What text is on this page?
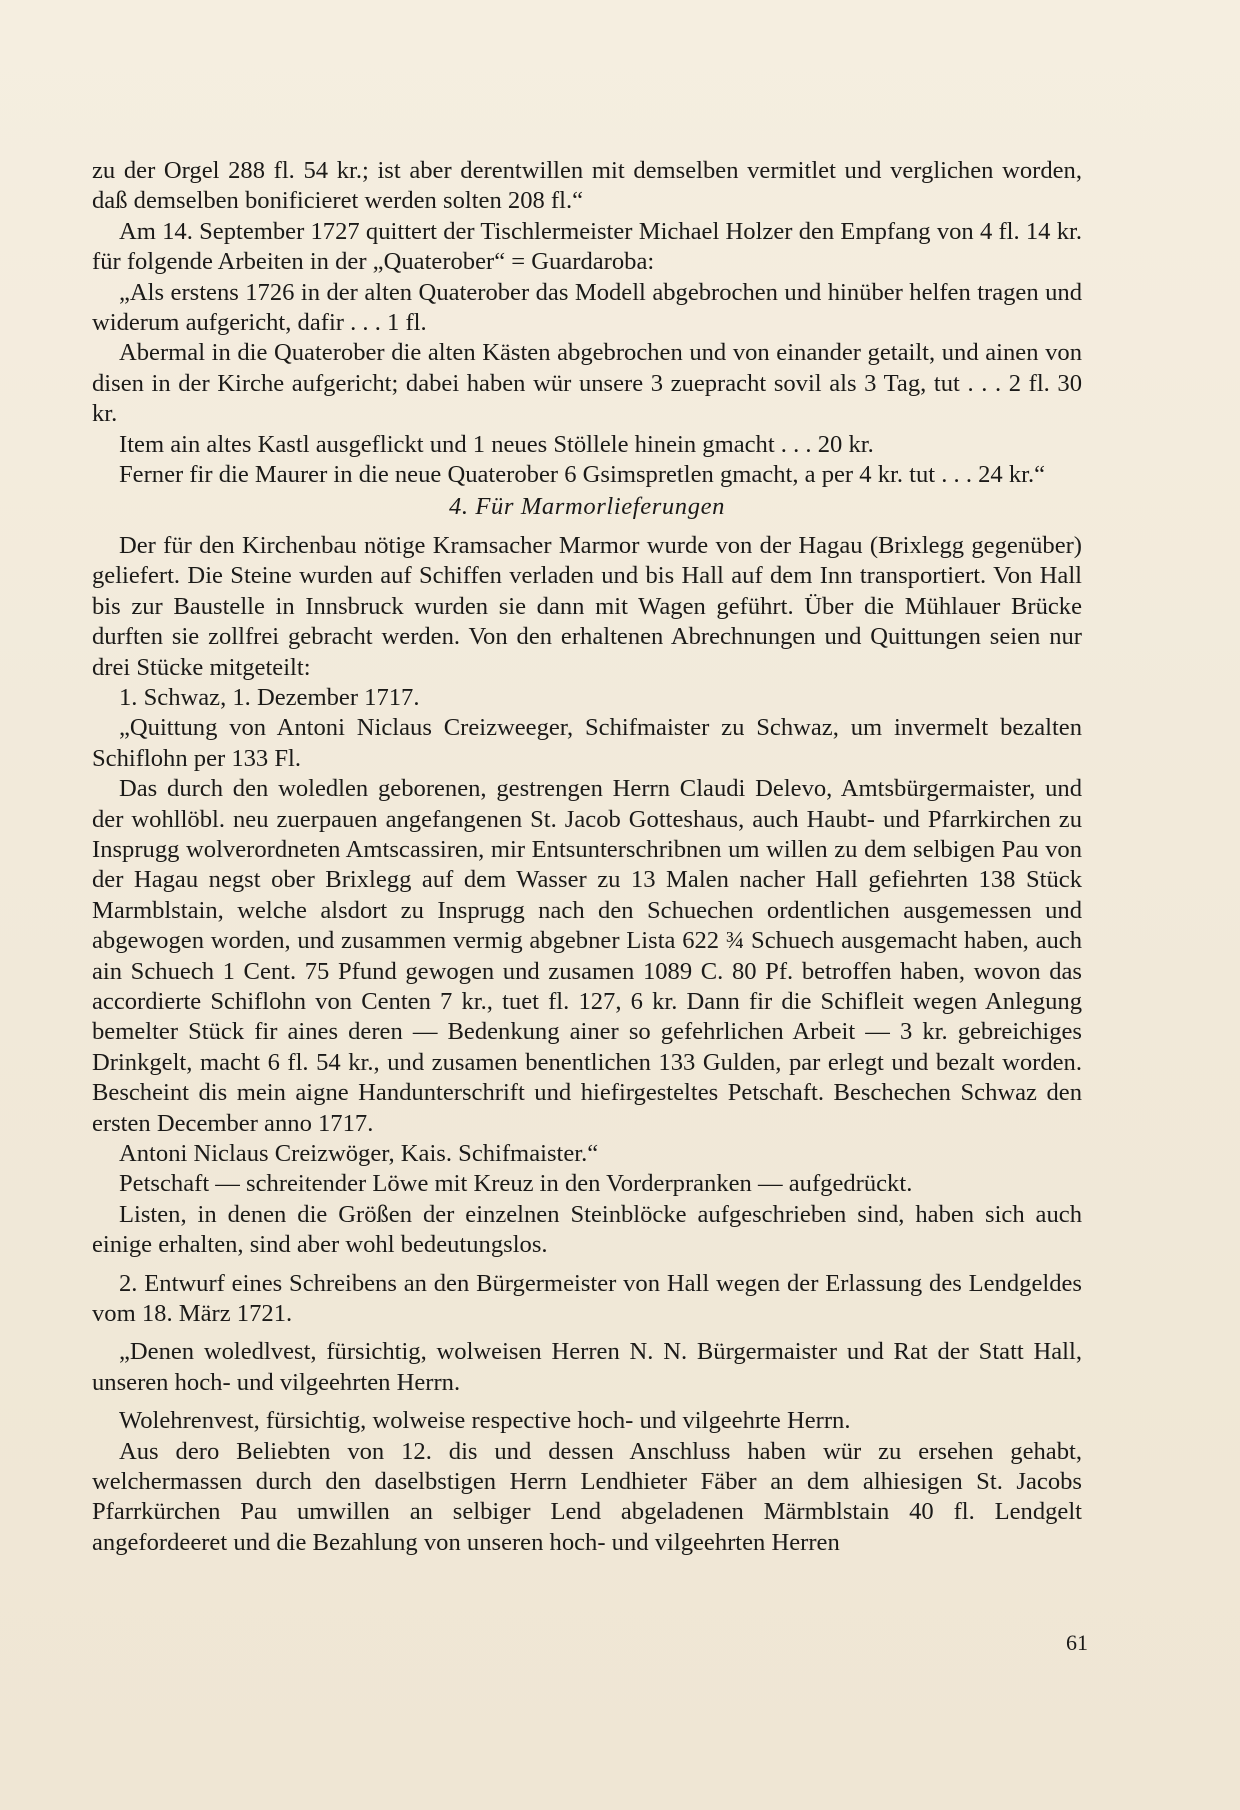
zu der Orgel 288 fl. 54 kr.; ist aber derentwillen mit demselben vermitlet und verglichen worden, daß demselben bonificieret werden solten 208 fl.“

Am 14. September 1727 quittert der Tischlermeister Michael Holzer den Empfang von 4 fl. 14 kr. für folgende Arbeiten in der „Quaterober“ = Guardaroba:

„Als erstens 1726 in der alten Quaterober das Modell abgebrochen und hinüber helfen tragen und widerum aufgericht, dafir . . . 1 fl.

Abermal in die Quaterober die alten Kästen abgebrochen und von einander getailt, und ainen von disen in der Kirche aufgericht; dabei haben wür unsere 3 zuepracht sovil als 3 Tag, tut . . . 2 fl. 30 kr.

Item ain altes Kastl ausgeflickt und 1 neues Stöllele hinein gmacht . . . 20 kr.

Ferner fir die Maurer in die neue Quaterober 6 Gsimspretlen gmacht, a per 4 kr. tut . . . 24 kr.“

4. Für Marmorlieferungen

Der für den Kirchenbau nötige Kramsacher Marmor wurde von der Hagau (Brixlegg gegenüber) geliefert. Die Steine wurden auf Schiffen verladen und bis Hall auf dem Inn transportiert. Von Hall bis zur Baustelle in Innsbruck wurden sie dann mit Wagen geführt. Über die Mühlauer Brücke durften sie zollfrei gebracht werden. Von den erhaltenen Abrechnungen und Quittungen seien nur drei Stücke mitgeteilt:

1. Schwaz, 1. Dezember 1717.

„Quittung von Antoni Niclaus Creizweeger, Schifmaister zu Schwaz, um invermelt bezalten Schiflohn per 133 Fl.

Das durch den woledlen geborenen, gestrengen Herrn Claudi Delevo, Amtsbürgermaister, und der wohllöbl. neu zuerpauen angefangenen St. Jacob Gotteshaus, auch Haubt- und Pfarrkirchen zu Insprugg wolverordneten Amtscassiren, mir Entsunterschribnen um willen zu dem selbigen Pau von der Hagau negst ober Brixlegg auf dem Wasser zu 13 Malen nacher Hall gefiehrten 138 Stück Marmblstain, welche alsdort zu Insprugg nach den Schuechen ordentlichen ausgemessen und abgewogen worden, und zusammen vermig abgebner Lista 622 ¾ Schuech ausgemacht haben, auch ain Schuech 1 Cent. 75 Pfund gewogen und zusamen 1089 C. 80 Pf. betroffen haben, wovon das accordierte Schiflohn von Centen 7 kr., tuet fl. 127, 6 kr. Dann fir die Schifleit wegen Anlegung bemelter Stück fir aines deren — Bedenkung ainer so gefehrlichen Arbeit — 3 kr. gebreichiges Drinkgelt, macht 6 fl. 54 kr., und zusamen benentlichen 133 Gulden, par erlegt und bezalt worden. Bescheint dis mein aigne Handunterschrift und hiefirgesteltes Petschaft. Beschechen Schwaz den ersten December anno 1717.

Antoni Niclaus Creizwöger, Kais. Schifmaister.“

Petschaft — schreitender Löwe mit Kreuz in den Vorderpranken — aufgedrückt.

Listen, in denen die Größen der einzelnen Steinblöcke aufgeschrieben sind, haben sich auch einige erhalten, sind aber wohl bedeutungslos.

2. Entwurf eines Schreibens an den Bürgermeister von Hall wegen der Erlassung des Lendgeldes vom 18. März 1721.

„Denen woledlvest, fürsichtig, wolweisen Herren N. N. Bürgermaister und Rat der Statt Hall, unseren hoch- und vilgeehrten Herrn.

Wolehrenvest, fürsichtig, wolweise respective hoch- und vilgeehrte Herrn.

Aus dero Beliebten von 12. dis und dessen Anschluss haben wür zu ersehen gehabt, welchermassen durch den daselbstigen Herrn Lendhieter Fäber an dem alhiesigen St. Jacobs Pfarrkürchen Pau umwillen an selbiger Lend abgeladenen Märmblstain 40 fl. Lendgelt angefordeeret und die Bezahlung von unseren hoch- und vilgeehrten Herren

61
